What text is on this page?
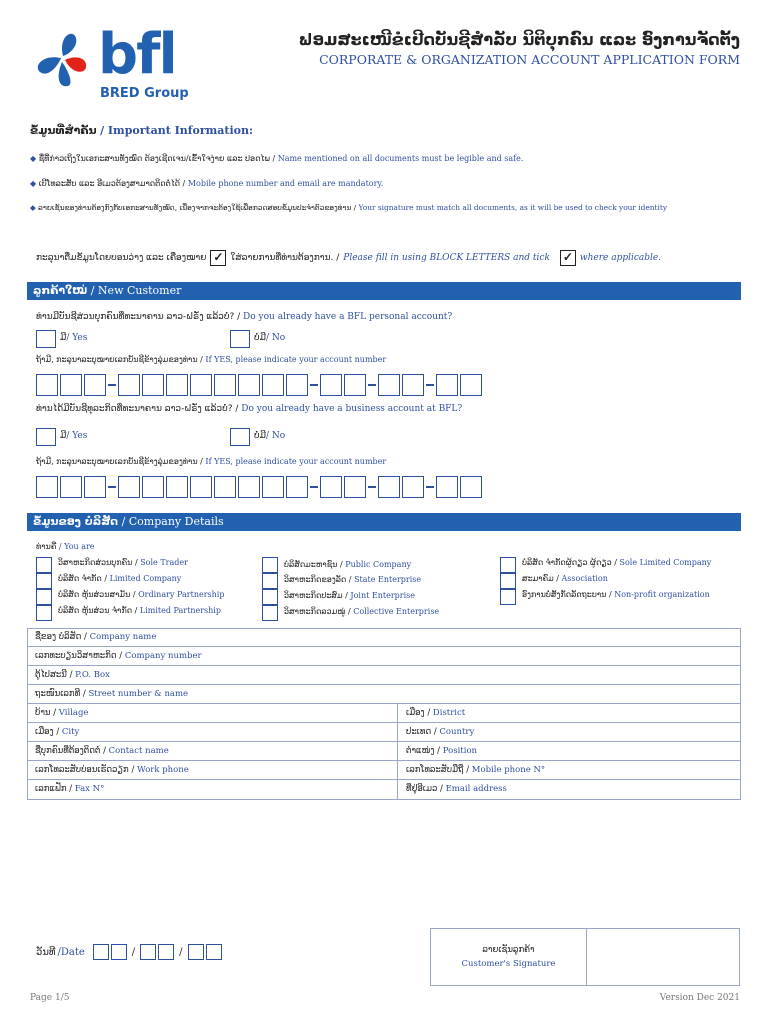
bfl
BRED Group
ຟອມສະເໜີຂໍເປີດບັນຊີສໍາລັບ ນິຕິບຸກຄົນ ແລະ ອົງການຈັດຕັ້ງ
CORPORATE & ORGANIZATION ACCOUNT APPLICATION FORM
ຂໍ້ມູນທີ່ສໍາຄັນ / Important Information:
◆ ຊື່ທີ່ກ່າວເຖິງໃນເອກະສານທັງໝົດ ຕ້ອງເຊີດເຈນ/ເຂົ້າໃຈງ່າຍ ແລະ ປອດໄພ / Name mentioned on all documents must be legible and safe.
◆ ເບີໂທລະສັບ ແລະ ອີເມວຕ້ອງສາມາດຕິດຕໍ່ໄດ້ / Mobile phone number and email are mandatory.
◆ ລາຍເຊັນຂອງທ່ານຕ້ອງກົງກັບເອກະສານທັງໝົດ, ເນື່ອງຈາກຈະຕ້ອງໃຊ້ເພື່ອກວດສອບຂໍ້ມູນປະຈໍາຕົວຂອງທ່ານ / Your signature must match all documents, as it will be used to check your identity
ກະລຸນາຕື່ມຂໍ້ມູນໂດຍບອນວ່າງ ແລະ ເຄື່ອງໝາຍ ✓ ໃສ່ລາຍການທີ່ທ່ານຕ້ອງການ. / Please fill in using BLOCK LETTERS and tick ✓ where applicable.
ລູກຄ້າໃໝ່ / New Customer
ທ່ານມີບັນຊີສ່ວນບຸກຄົນທີ່ທະນາຄານ ລາວ-ຝຣັ່ງ ແລ້ວບໍ່? / Do you already have a BFL personal account?
ມີ/ Yes	ບໍ່ມີ/ No
ຖ້າມີ, ກະລຸນາລະບຸໝາຍເລກບັນຊີຂ້າງລຸ່ມຂອງທ່ານ / If YES, please indicate your account number
ທ່ານໄດ້ມີບັນຊີທຸລະກິດທີ່ທະນາຄານ ລາວ-ຝຣັ່ງ ແລ້ວບໍ່? / Do you already have a business account at BFL?
ມີ/ Yes	ບໍ່ມີ/ No
ຖ້າມີ, ກະລຸນາລະບຸໝາຍເລກບັນຊີຂ້າງລຸ່ມຂອງທ່ານ / If YES, please indicate your account number
ຂໍ້ມູນຂອງ ບໍລິສັດ / Company Details
ທ່ານຄື / You are
ວິສາຫະກິດສ່ວນບຸກຄົນ / Sole Trader
ບໍລິສັດ ຈໍາກັດ / Limited Company
ບໍລິສັດ ຫຸ້ນສ່ວນສາມັນ / Ordinary Partnership
ບໍລິສັດ ຫຸ້ນສ່ວນ ຈໍາກັດ / Limited Partnership
ບໍລິສັດມະຫາຊົນ / Public Company
ວິສາຫະກິດຂອງລັດ / State Enterprise
ວິສາຫະກິດປະສົມ / Joint Enterprise
ວິສາຫະກິດລວມໝູ່ / Collective Enterprise
ບໍລິສັດ ຈໍາກັດຜູ້ດຽວ ຜູ້ດຽວ / Sole Limited Company
ສະມາຄົມ / Association
ອົງການບໍ່ສັງກັດລັດຖະບານ / Non-profit organization
ຊື່ຂອງ ບໍລິສັດ / Company name
ເລກທະບຽນວິສາຫະກິດ / Company number
ຕູ້ໄປສະນີ / P.O. Box
ຖະໜົນເລກທີ / Street number & name
ບ້ານ / Village	ເມືອງ / District
ເມືອງ / City	ປະເທດ / Country
ຊື່ບຸກຄົນທີ່ຕ້ອງຕິດຕໍ່ / Contact name	ຕໍາແໜ່ງ / Position
ເລກໂທລະສັບບ່ອນເຮັດວຽກ / Work phone	ເລກໂທລະສັບມືຖື / Mobile phone N°
ເລກແຟັກ / Fax N°	ທີ່ຢູ່ອີເມວ / Email address
ວັນທີ /Date	/	/	ລາຍເຊັນລູກຄ້າ
Customer's Signature
Page 1/5	Version Dec 2021
